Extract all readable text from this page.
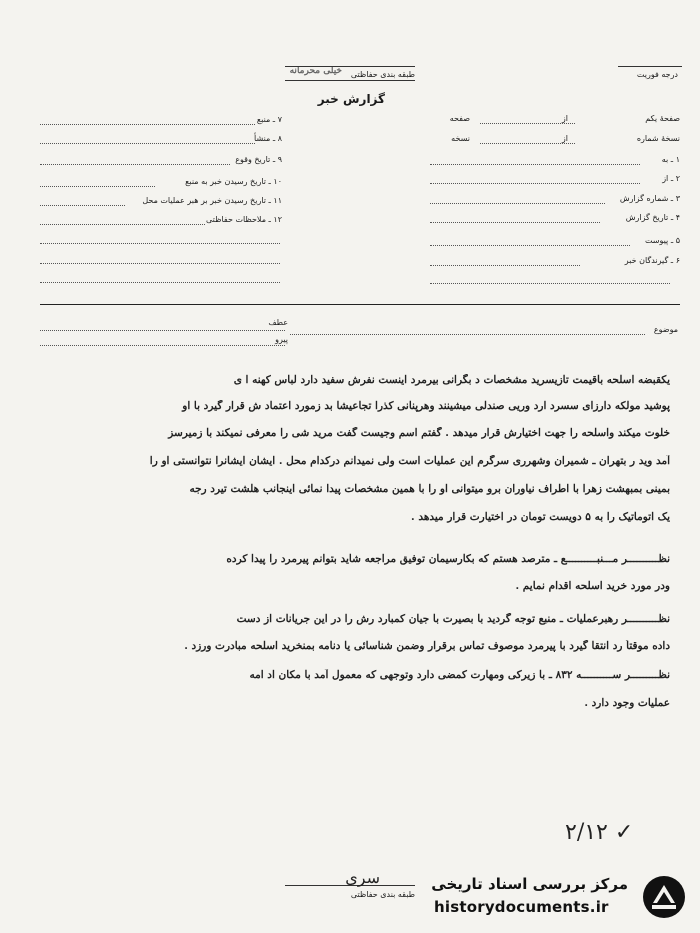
طبقه بندی حفاظتی
خیلی محرمانه	درجه فوریت
گزارش خبر
۷ ـ منبع
۸ ـ منشأ
۹ ـ تاریخ وقوع
۱۰ ـ تاریخ رسیدن خبر به منبع
۱۱ ـ تاریخ رسیدن خبر بر هبر عملیات محل
۱۲ ـ ملاحظات حفاظتی
صفحهٔ یکم
از
صفحه
نسخهٔ شماره
از
نسخه
۱ ـ به
۲ ـ از
۳ ـ شماره گزارش
۴ ـ تاریخ گزارش
۵ ـ پیوست
۶ ـ گیرندگان خبر
موضوع
عطف
پیرو
یکقبضه اسلحه باقیمت تازیسرید مشخصات د بگرانی بیرمرد اینست نفرش سفید دارد لباس کهنه ا ی
پوشید مولکه دارزای سسرد ارد وریی صندلی میشینند وهرپنانی کذرا تجاعیشا بد زمورد اعتماد ش قرار گیرد با او
خلوت میکند واسلحه را جهت اختیارش قرار میدهد . گفتم اسم وجیست گفت مرید شی را معرفی نمیکند با زمیرسز
آمد وید ر بتهران ـ شمیران وشهرری سرگرم این عملیات است ولی نمیدانم درکدام محل . ایشان ایشانرا نتوانستی او را
بمینی بمبهشت زهرا با اطراف نیاوران برو میتوانی او را با همین مشخصات پیدا نمائی اینجانب هلشت تیرد رجه
یک اتوماتیک را به ۵ دویست تومان در اختیارت قرار میدهد .
نظــــــــــر مـــنبــــــــــع ـ مترصد هستم که بکارسیمان توفیق مراجعه شاید بتوانم پیرمرد را پیدا کرده
ودر مورد خرید اسلحه اقدام نمایم .
نظــــــــــر رهبرعملیات ـ منبع توجه گردید با بصیرت با جیان کمبارد رش را در این جریانات از دست
داده موقتاً رد انتقا گیرد با پیرمرد موصوف تماس برقرار وضمن شناسائی یا دنامه بمنخرید اسلحه مبادرت ورزد .
نظـــــــــر ســــــــــه ۸۳۲ ـ با زیرکی ومهارت کمضی دارد وتوجهی که معمول آمد با مکان اد امه
عملیات وجود دارد .
۲/۱۲ ✓
سری
طبقه بندی حفاظتی
مرکز بررسی اسناد تاریخی
historydocuments.ir
